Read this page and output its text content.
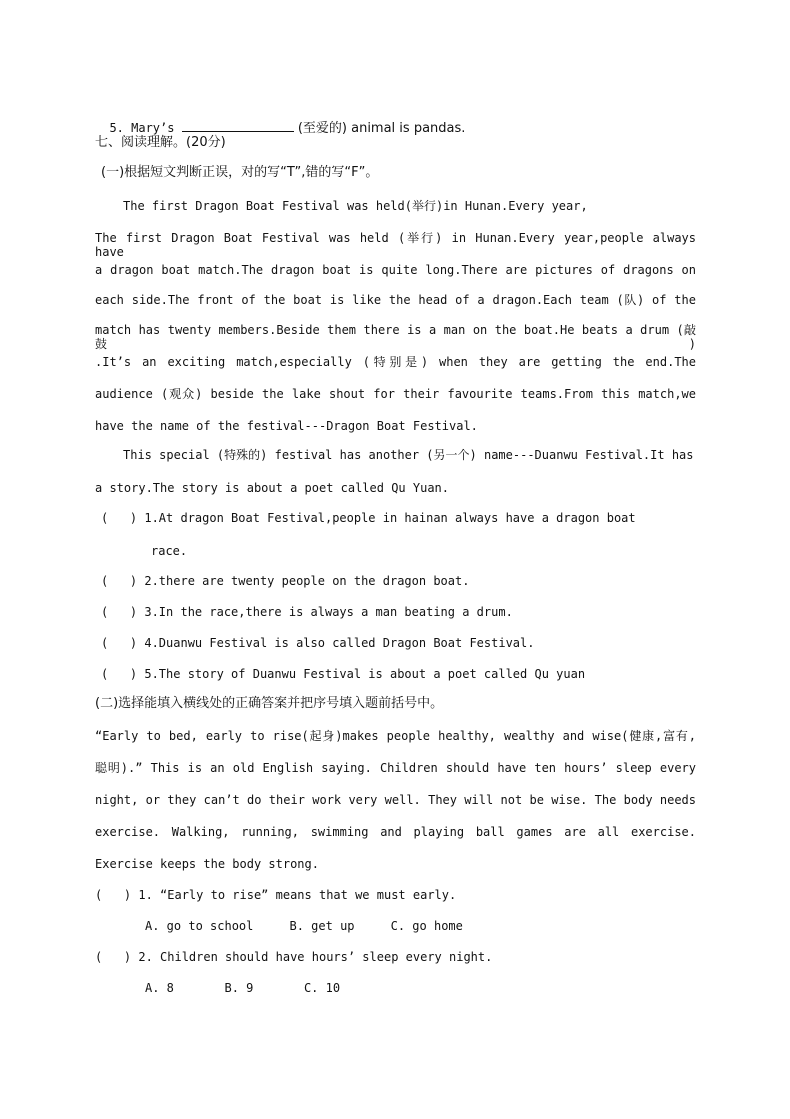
5. Mary’s	(至爱的) animal is pandas.

七、阅读理解。(20分)
(一)根据短文判断正误，对的写“T”,错的写“F”。
The first Dragon Boat Festival was held(举行)in Hunan.Every year,
The first Dragon Boat Festival was held (举行) in Hunan.Every year,people always have
a dragon boat match.The dragon boat is quite long.There are pictures of dragons on
each side.The front of the boat is like the head of a dragon.Each team (队) of the
match has twenty members.Beside them there is a man on the boat.He beats a drum (敲鼓)
.It’s an exciting match,especially (特别是) when they are getting the end.The
audience (观众) beside the lake shout for their favourite teams.From this match,we
have the name of the festival---Dragon Boat Festival.
This special (特殊的) festival has another (另一个) name---Duanwu Festival.It has
a story.The story is about a poet called Qu Yuan.
(   ) 1.At dragon Boat Festival,people in hainan always have a dragon boat
race.
(   ) 2.there are twenty people on the dragon boat.
(   ) 3.In the race,there is always a man beating a drum.
(   ) 4.Duanwu Festival is also called Dragon Boat Festival.
(   ) 5.The story of Duanwu Festival is about a poet called Qu yuan
(二)选择能填入横线处的正确答案并把序号填入题前括号中。
“Early to bed, early to rise(起身)makes people healthy, wealthy and wise(健康,富有,
聪明).” This is an old English saying. Children should have ten hours’ sleep every
night, or they can’t do their work very well. They will not be wise. The body needs
exercise. Walking, running, swimming and playing ball games are all exercise.
Exercise keeps the body strong.
(   ) 1. “Early to rise” means that we must early.
A. go to school     B. get up     C. go home
(   ) 2. Children should have hours’ sleep every night.
A. 8       B. 9       C. 10
